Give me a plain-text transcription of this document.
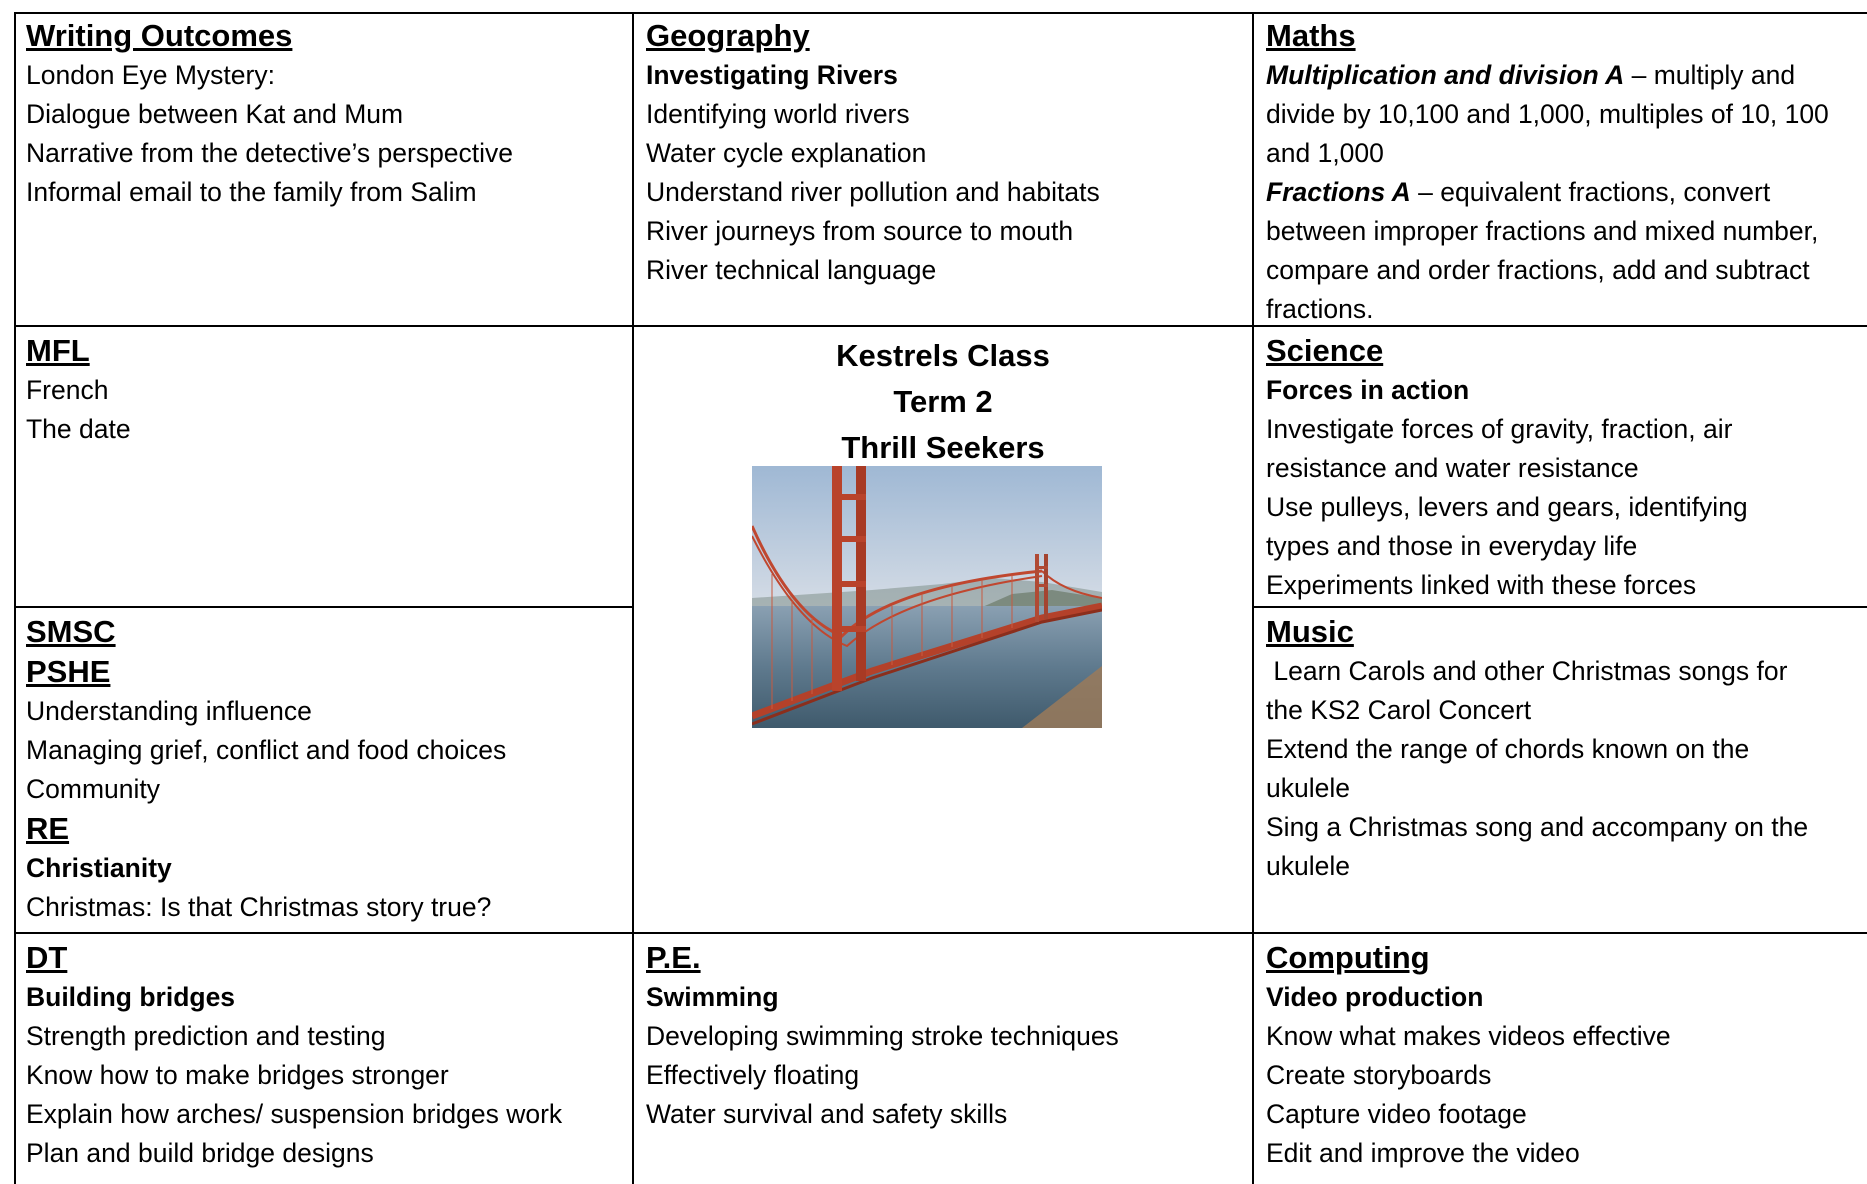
Writing Outcomes
London Eye Mystery:
Dialogue between Kat and Mum
Narrative from the detective’s perspective
Informal email to the family from Salim
Geography
Investigating Rivers
Identifying world rivers
Water cycle explanation
Understand river pollution and habitats
River journeys from source to mouth
River technical language
Maths
Multiplication and division A – multiply and divide by 10,100 and 1,000, multiples of 10, 100 and 1,000
Fractions A – equivalent fractions, convert between improper fractions and mixed number, compare and order fractions, add and subtract fractions.
MFL
French
The date
Kestrels Class
Term 2
Thrill Seekers
Science
Forces in action
Investigate forces of gravity, fraction, air
resistance and water resistance
Use pulleys, levers and gears, identifying
types and those in everyday life
Experiments linked with these forces
SMSC
PSHE
Understanding influence
Managing grief, conflict and food choices
Community
RE
Christianity
Christmas: Is that Christmas story true?
Music
Learn Carols and other Christmas songs for
the KS2 Carol Concert
Extend the range of chords known on the
ukulele
Sing a Christmas song and accompany on the
ukulele
DT
Building bridges
Strength prediction and testing
Know how to make bridges stronger
Explain how arches/ suspension bridges work
Plan and build bridge designs
P.E.
Swimming
Developing swimming stroke techniques
Effectively floating
Water survival and safety skills
Computing
Video production
Know what makes videos effective
Create storyboards
Capture video footage
Edit and improve the video
